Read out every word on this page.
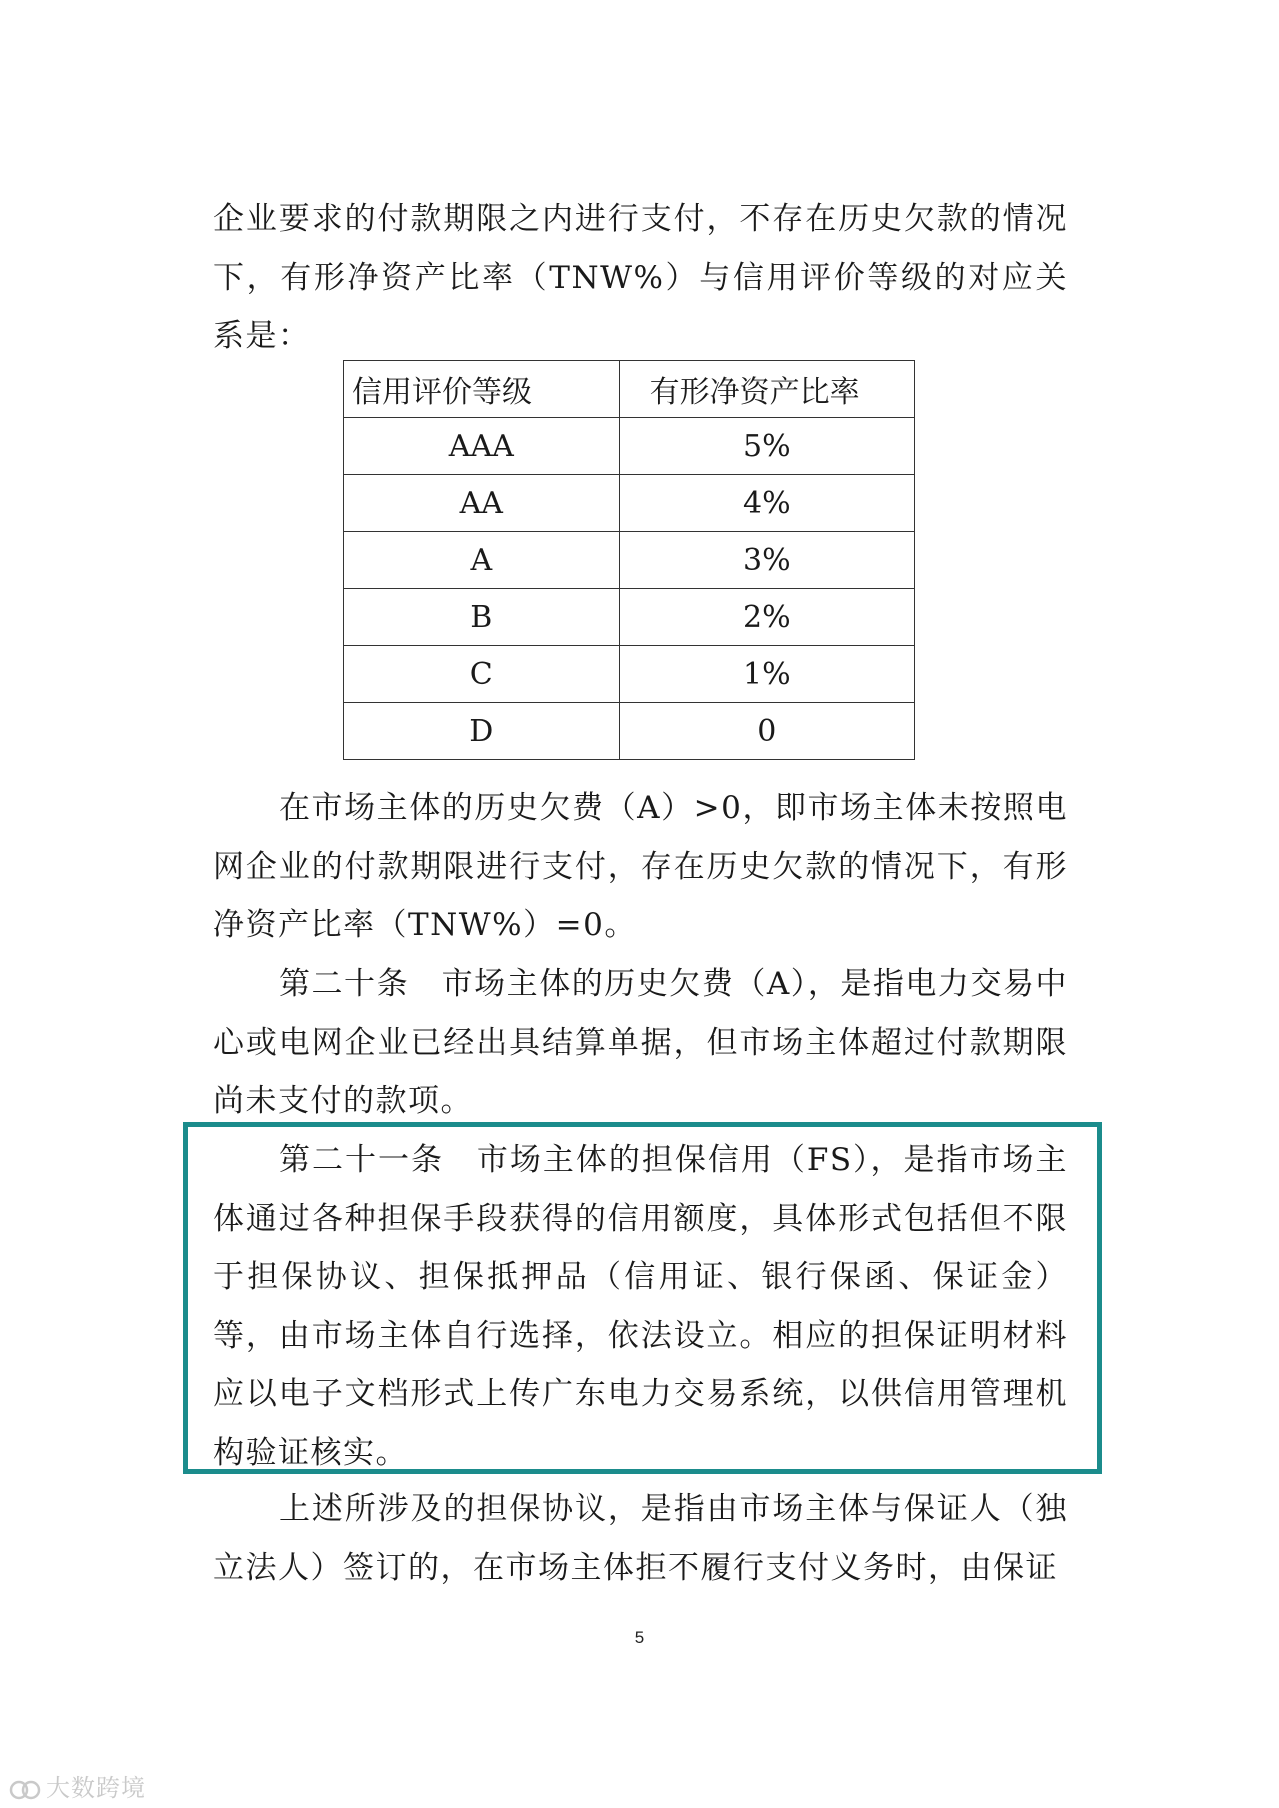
企业要求的付款期限之内进行支付，不存在历史欠款的情况下，有形净资产比率（TNW%）与信用评价等级的对应关系是：

信用评价等级	有形净资产比率
AAA	5%
AA	4%
A	3%
B	2%
C	1%
D	0

在市场主体的历史欠费（A）>0，即市场主体未按照电网企业的付款期限进行支付，存在历史欠款的情况下，有形净资产比率（TNW%）=0。

第二十条　市场主体的历史欠费（A），是指电力交易中心或电网企业已经出具结算单据，但市场主体超过付款期限尚未支付的款项。

第二十一条　市场主体的担保信用（FS），是指市场主体通过各种担保手段获得的信用额度，具体形式包括但不限于担保协议、担保抵押品（信用证、银行保函、保证金）等，由市场主体自行选择，依法设立。相应的担保证明材料应以电子文档形式上传广东电力交易系统，以供信用管理机构验证核实。

上述所涉及的担保协议，是指由市场主体与保证人（独立法人）签订的，在市场主体拒不履行支付义务时，由保证

5
大数跨境
